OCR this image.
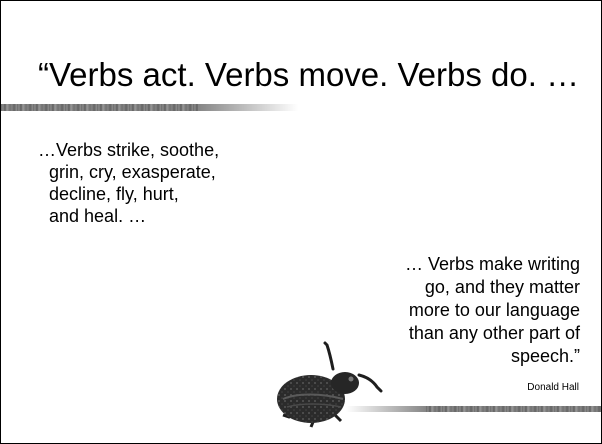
“Verbs act. Verbs move. Verbs do. …
…Verbs strike, soothe,
grin, cry, exasperate,
decline, fly, hurt,
and heal. …
… Verbs make writing
go, and they matter
more to our language
than any other part of
speech.”
Donald Hall
